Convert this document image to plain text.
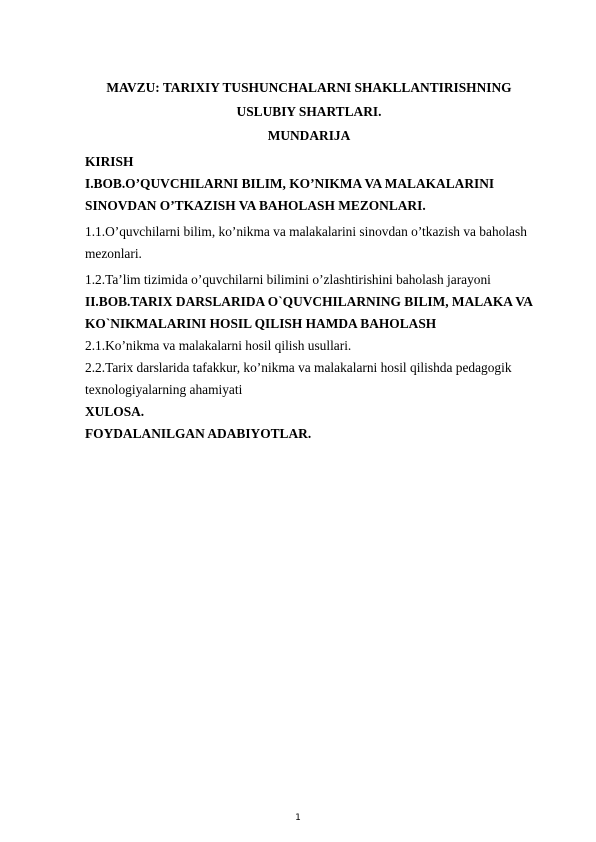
MAVZU: TARIXIY TUSHUNCHALARNI SHAKLLANTIRISHNING

USLUBIY SHARTLARI.

MUNDARIJA

KIRISH
I.BOB.O’QUVCHILARNI BILIM, KO’NIKMA VA MALAKALARINI SINOVDAN O’TKAZISH VA BAHOLASH MEZONLARI.
1.1.O’quvchilarni bilim, ko’nikma va malakalarini sinovdan o’tkazish va baholash mezonlari.
1.2.Ta’lim tizimida o’quvchilarni bilimini o’zlashtirishini baholash jarayoni
II.BOB.TARIX DARSLARIDA O`QUVCHILARNING BILIM, MALAKA VA KO`NIKMALARINI HOSIL QILISH HAMDA BAHOLASH
2.1.Ko’nikma va malakalarni hosil qilish usullari.
2.2.Tarix darslarida tafakkur, ko’nikma va malakalarni hosil qilishda pedagogik texnologiyalarning ahamiyati
XULOSA.
FOYDALANILGAN ADABIYOTLAR.
1
